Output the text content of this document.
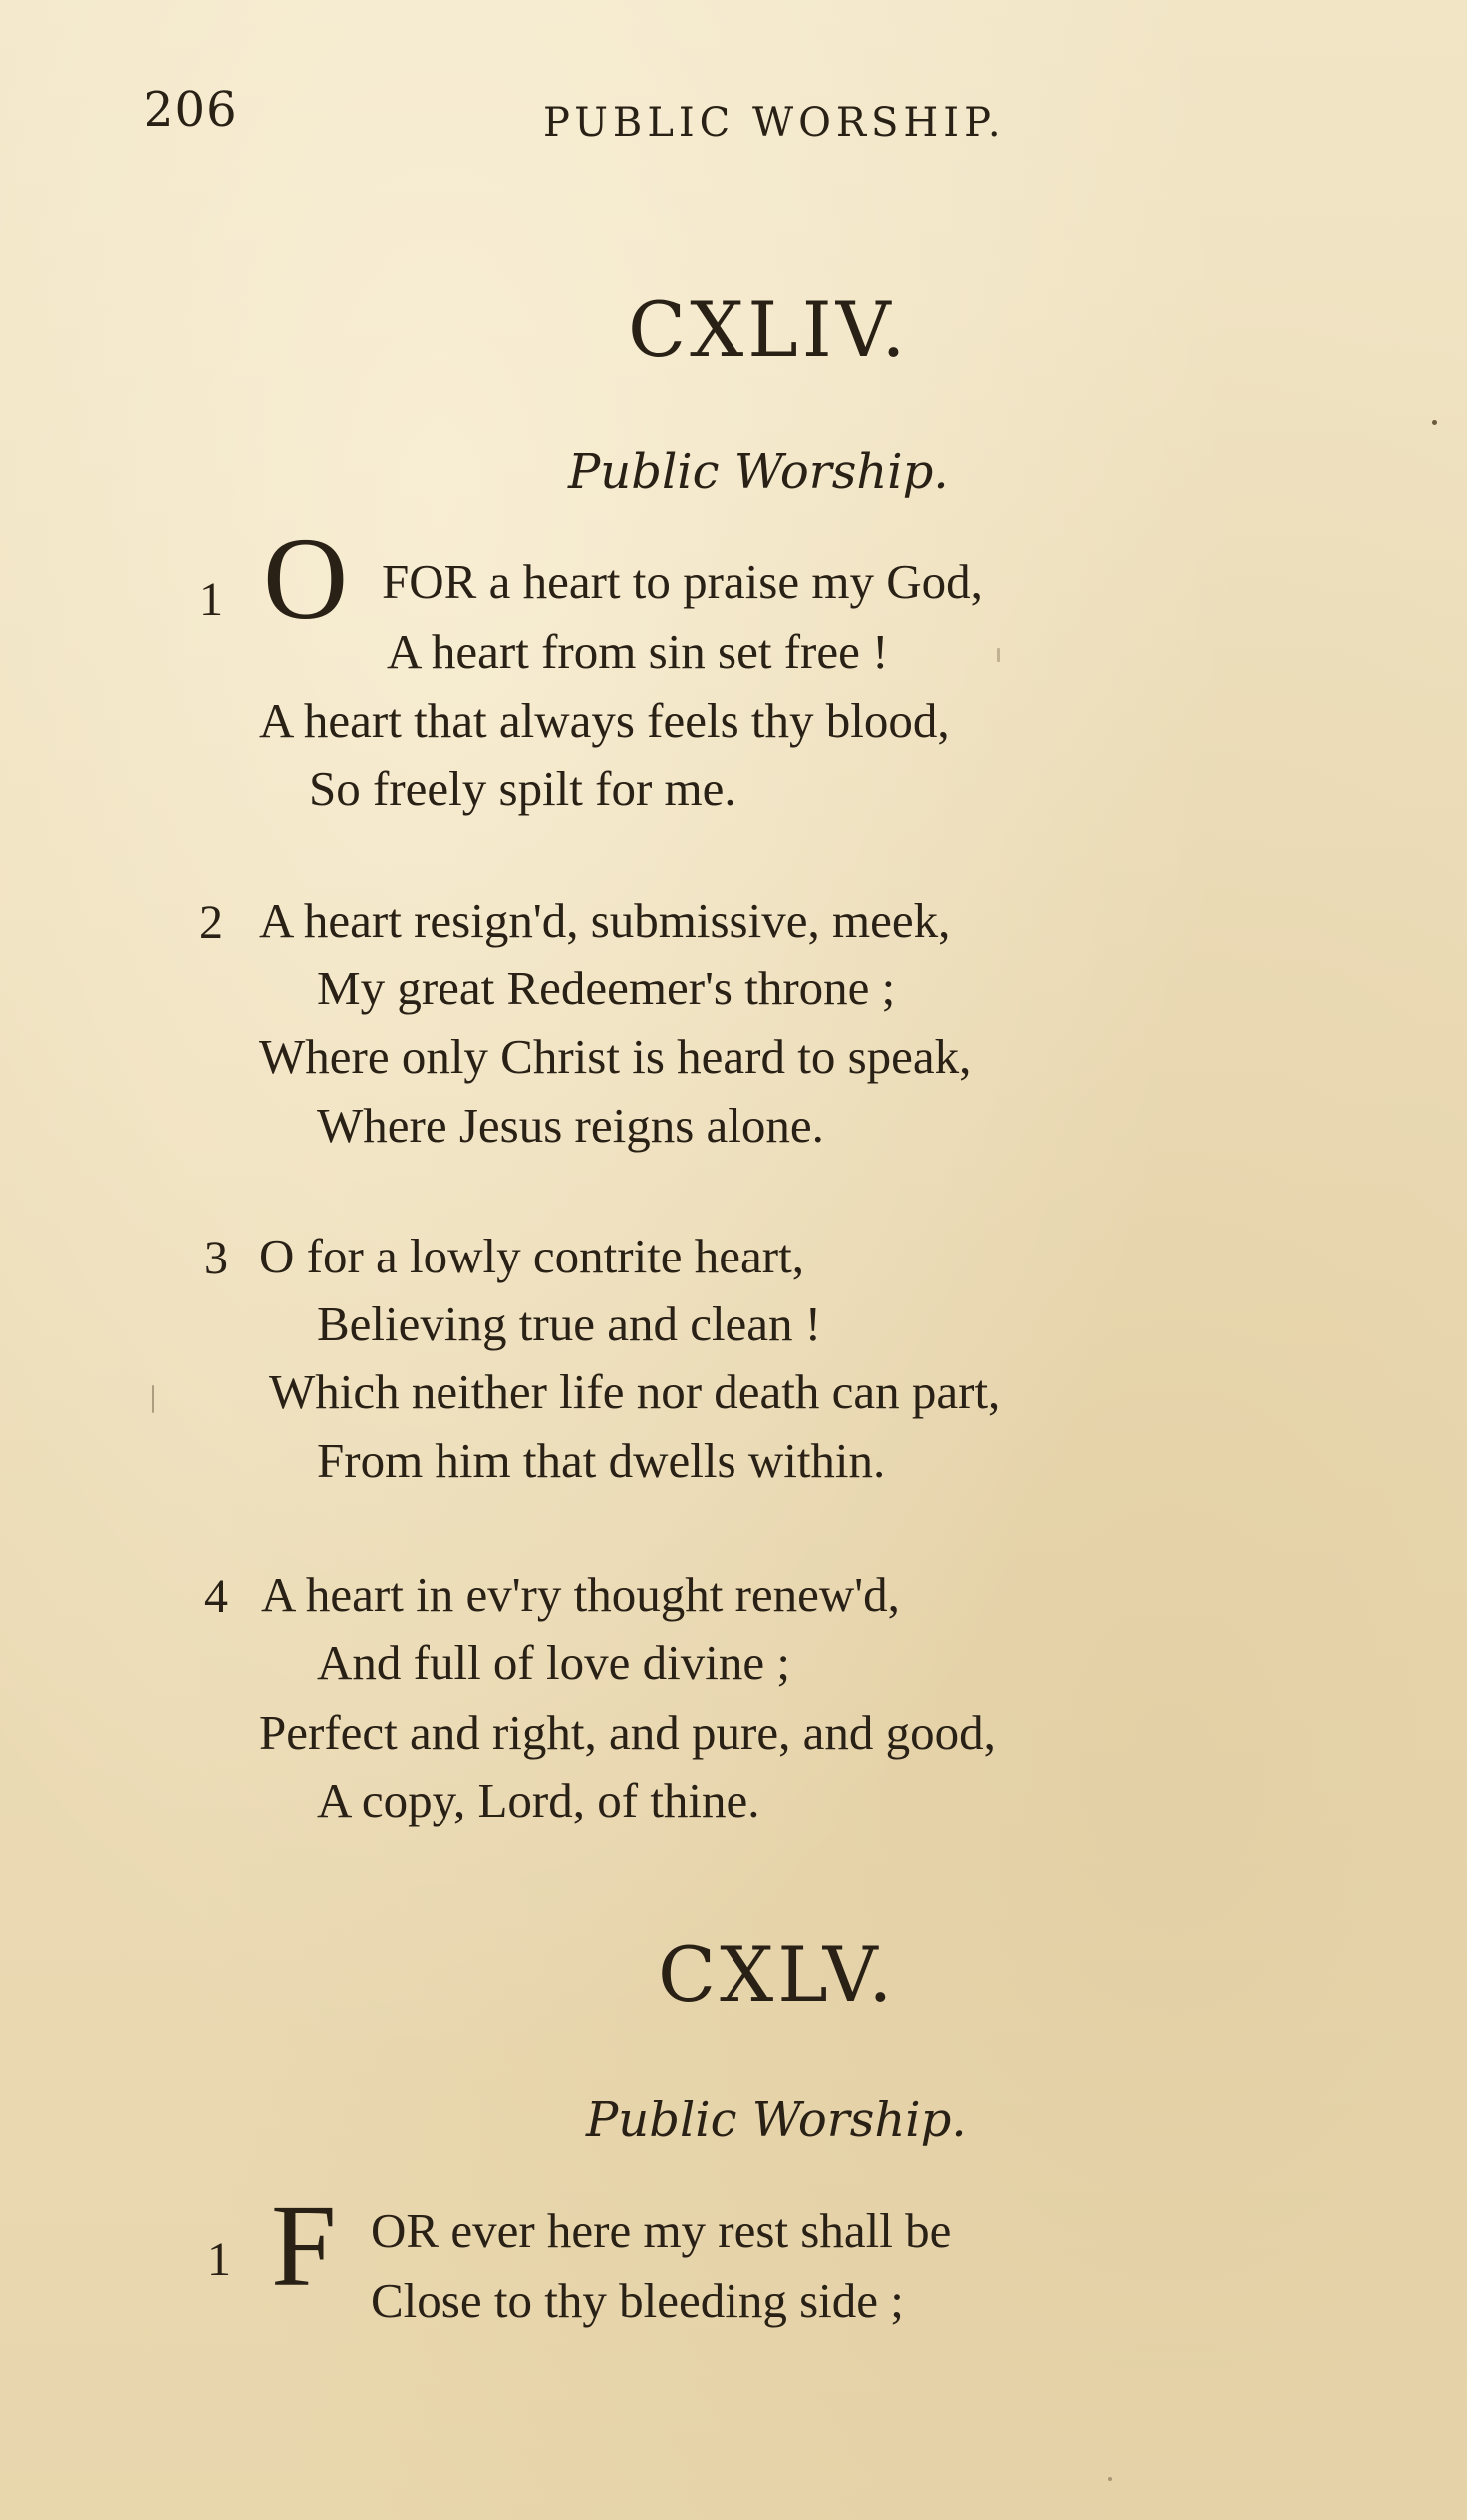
206	PUBLIC WORSHIP.
CXLIV.
Public Worship.
1 O FOR a heart to praise my God,
A heart from sin set free !
A heart that always feels thy blood,
So freely spilt for me.
2 A heart resign'd, submissive, meek,
My great Redeemer's throne ;
Where only Christ is heard to speak,
Where Jesus reigns alone.
3 O for a lowly contrite heart,
Believing true and clean !
Which neither life nor death can part,
From him that dwells within.
4 A heart in ev'ry thought renew'd,
And full of love divine ;
Perfect and right, and pure, and good,
A copy, Lord, of thine.
CXLV.
Public Worship.
1 F OR ever here my rest shall be
Close to thy bleeding side ;
